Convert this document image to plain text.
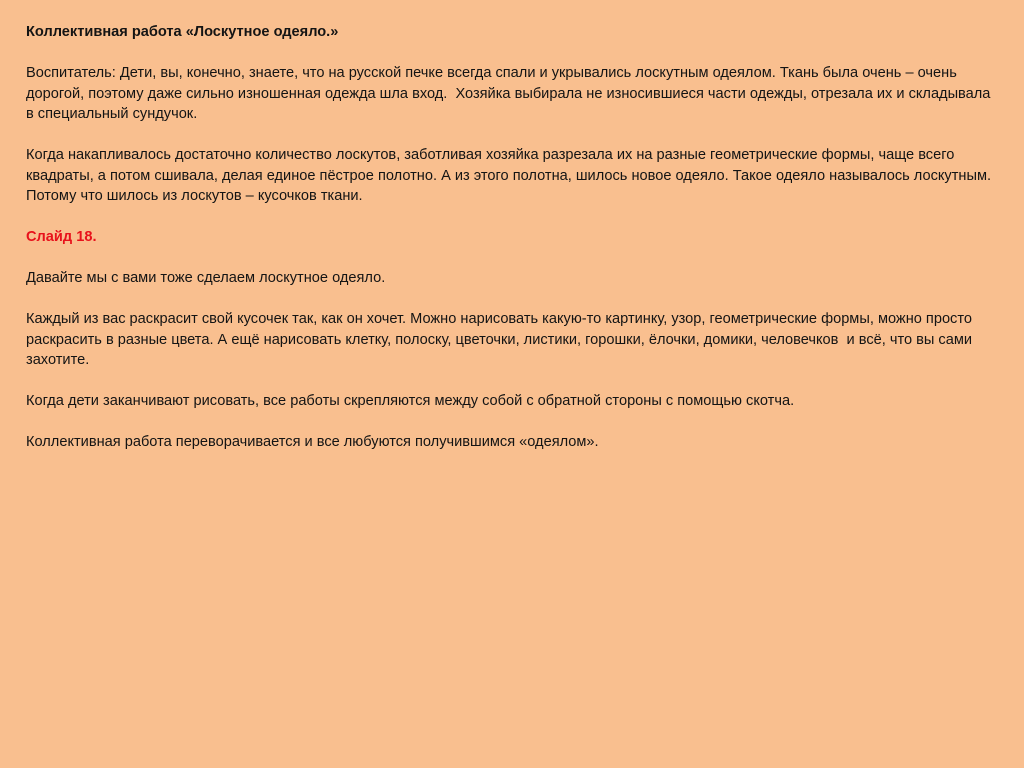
Коллективная работа «Лоскутное одеяло.»

Воспитатель: Дети, вы, конечно, знаете, что на русской печке всегда спали и укрывались лоскутным одеялом. Ткань была очень – очень дорогой, поэтому даже сильно изношенная одежда шла вход.  Хозяйка выбирала не износившиеся части одежды, отрезала их и складывала в специальный сундучок.

Когда накапливалось достаточно количество лоскутов, заботливая хозяйка разрезала их на разные геометрические формы, чаще всего квадраты, а потом сшивала, делая единое пёстрое полотно. А из этого полотна, шилось новое одеяло. Такое одеяло называлось лоскутным. Потому что шилось из лоскутов – кусочков ткани.

Слайд 18.

Давайте мы с вами тоже сделаем лоскутное одеяло.

Каждый из вас раскрасит свой кусочек так, как он хочет. Можно нарисовать какую-то картинку, узор, геометрические формы, можно просто раскрасить в разные цвета. А ещё нарисовать клетку, полоску, цветочки, листики, горошки, ёлочки, домики, человечков  и всё, что вы сами захотите.

Когда дети заканчивают рисовать, все работы скрепляются между собой с обратной стороны с помощью скотча.

Коллективная работа переворачивается и все любуются получившимся «одеялом».
